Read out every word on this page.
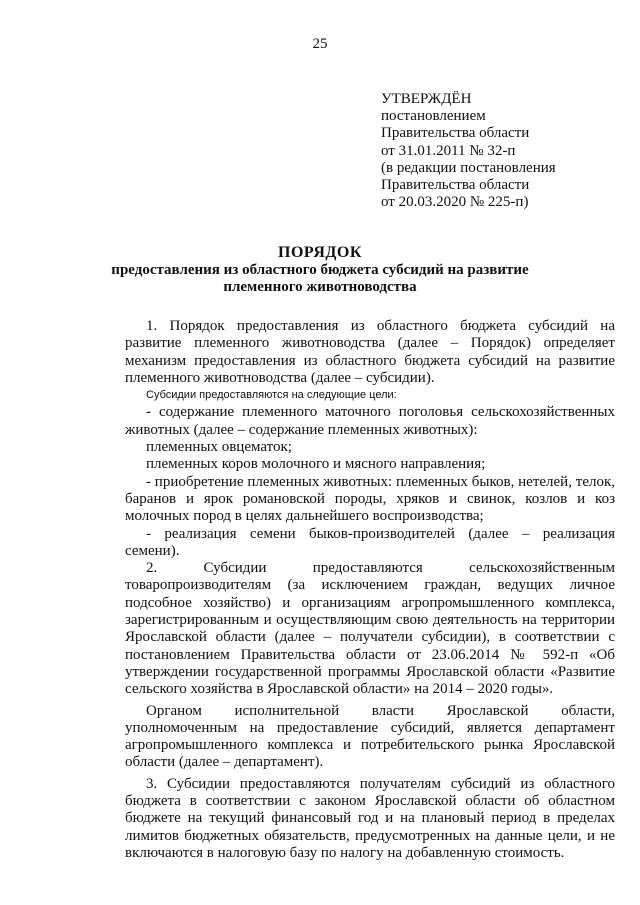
25
УТВЕРЖДЁН
постановлением
Правительства области
от 31.01.2011 № 32-п
(в редакции постановления
Правительства области
от 20.03.2020 № 225-п)
ПОРЯДОК
предоставления из областного бюджета субсидий на развитие
племенного животноводства

1. Порядок предоставления из областного бюджета субсидий на развитие племенного животноводства (далее – Порядок) определяет механизм предоставления из областного бюджета субсидий на развитие племенного животноводства (далее – субсидии).

Субсидии предоставляются на следующие цели:

- содержание племенного маточного поголовья сельскохозяйственных животных (далее – содержание племенных животных):

племенных овцематок;

племенных коров молочного и мясного направления;

- приобретение племенных животных: племенных быков, нетелей, телок, баранов и ярок романовской породы, хряков и свинок, козлов и коз молочных пород в целях дальнейшего воспроизводства;

- реализация семени быков-производителей (далее – реализация семени).

2. Субсидии предоставляются сельскохозяйственным товаропроизводителям (за исключением граждан, ведущих личное подсобное хозяйство) и организациям агропромышленного комплекса, зарегистрированным и осуществляющим свою деятельность на территории Ярославской области (далее – получатели субсидии), в соответствии с постановлением Правительства области от 23.06.2014 № 592-п «Об утверждении государственной программы Ярославской области «Развитие сельского хозяйства в Ярославской области» на 2014 – 2020 годы».

Органом исполнительной власти Ярославской области, уполномоченным на предоставление субсидий, является департамент агропромышленного комплекса и потребительского рынка Ярославской области (далее – департамент).

3. Субсидии предоставляются получателям субсидий из областного бюджета в соответствии с законом Ярославской области об областном бюджете на текущий финансовый год и на плановый период в пределах лимитов бюджетных обязательств, предусмотренных на данные цели, и не включаются в налоговую базу по налогу на добавленную стоимость.
